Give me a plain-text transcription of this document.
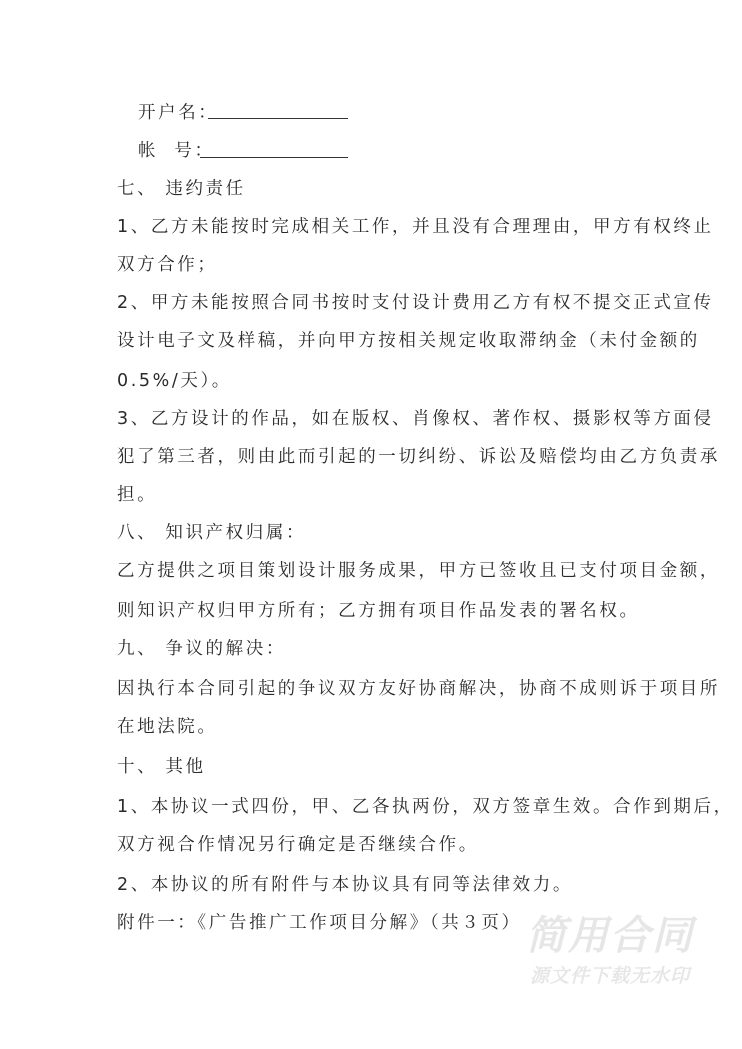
开户名：
帐  号：
七、 违约责任
1、乙方未能按时完成相关工作，并且没有合理理由，甲方有权终止
双方合作；
2、甲方未能按照合同书按时支付设计费用乙方有权不提交正式宣传
设计电子文及样稿，并向甲方按相关规定收取滞纳金（未付金额的
0.5%/天）。
3、乙方设计的作品，如在版权、肖像权、著作权、摄影权等方面侵
犯了第三者，则由此而引起的一切纠纷、诉讼及赔偿均由乙方负责承
担。
八、 知识产权归属：
乙方提供之项目策划设计服务成果，甲方已签收且已支付项目金额，
则知识产权归甲方所有；乙方拥有项目作品发表的署名权。
九、 争议的解决：
因执行本合同引起的争议双方友好协商解决，协商不成则诉于项目所
在地法院。
十、 其他
1、本协议一式四份，甲、乙各执两份，双方签章生效。合作到期后，
双方视合作情况另行确定是否继续合作。
2、本协议的所有附件与本协议具有同等法律效力。
附件一：《广告推广工作项目分解》（共３页） 简用合同
源文件下载无水印
